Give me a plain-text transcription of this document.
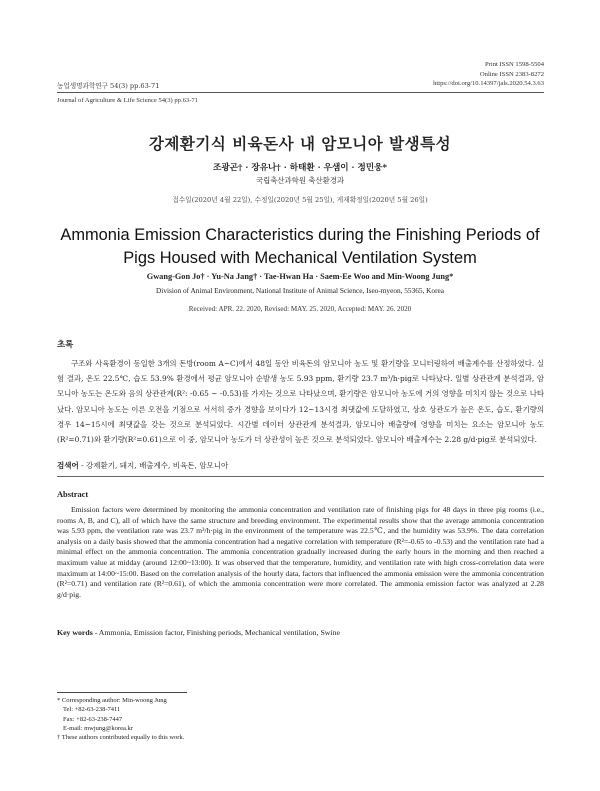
Print ISSN 1598-5504
Online ISSN 2383-8272
https://doi.org/10.14397/jals.2020.54.3.63
농업생명과학연구 54(3) pp.63-71
Journal of Agriculture & Life Science 54(3) pp.63-71
강제환기식 비육돈사 내 암모니아 발생특성
조광곤† · 장유나† · 하태환 · 우샘이 · 정민웅*
국립축산과학원 축산환경과
접수일(2020년 4월 22일), 수정일(2020년 5월 25일), 게재확정일(2020년 5월 26일)
Ammonia Emission Characteristics during the Finishing Periods of
Pigs Housed with Mechanical Ventilation System
Gwang-Gon Jo† · Yu-Na Jang† · Tae-Hwan Ha · Saem-Ee Woo and Min-Woong Jung*
Division of Animal Environment, National Institute of Animal Science, Iseo-myeon, 55365, Korea
Received: APR. 22. 2020, Revised: MAY. 25. 2020, Accepted: MAY. 26. 2020
초록
구조와 사육환경이 동일한 3개의 돈방(room A~C)에서 48일 동안 비육돈의 암모니아 농도 및 환기량을 모니터링하여 배출계수를 산정하였다. 실험 결과, 온도 22.5℃, 습도 53.9% 환경에서 평균 암모니아 순발생 농도 5.93 ppm, 환기량 23.7 m³/h·pig로 나타났다. 일별 상관관계 분석결과, 암모니아 농도는 온도와 음의 상관관계(R²: -0.65 ~ -0.53)를 가지는 것으로 나타났으며, 환기량은 암모니아 농도에 거의 영향을 미치지 않는 것으로 나타났다. 암모니아 농도는 이른 오전을 기점으로 서서히 증가 경향을 보이다가 12~13시경 최댓값에 도달하였고, 상호 상관도가 높은 온도, 습도, 환기량의 경우 14~15시에 최댓값을 갖는 것으로 분석되었다. 시간별 데이터 상관관계 분석결과, 암모니아 배출량에 영향을 미치는 요소는 암모니아 농도(R²=0.71)와 환기량(R²=0.61)으로 이 중, 암모니아 농도가 더 상관성이 높은 것으로 분석되었다. 암모니아 배출계수는 2.28 g/d·pig로 분석되었다.
검색어 - 강제환기, 돼지, 배출계수, 비육돈, 암모니아
Abstract
Emission factors were determined by monitoring the ammonia concentration and ventilation rate of finishing pigs for 48 days in three pig rooms (i.e., rooms A, B, and C), all of which have the same structure and breeding environment. The experimental results show that the average ammonia concentration was 5.93 ppm, the ventilation rate was 23.7 m³/h·pig in the environment of the temperature was 22.5℃, and the humidity was 53.9%. The data correlation analysis on a daily basis showed that the ammonia concentration had a negative correlation with temperature (R²=-0.65 to -0.53) and the ventilation rate had a minimal effect on the ammonia concentration. The ammonia concentration gradually increased during the early hours in the morning and then reached a maximum value at midday (around 12:00~13:00). It was observed that the temperature, humidity, and ventilation rate with high cross-correlation data were maximum at 14:00~15:00. Based on the correlation analysis of the hourly data, factors that influenced the ammonia emission were the ammonia concentration (R²=0.71) and ventilation rate (R²=0.61), of which the ammonia concentration were more correlated. The ammonia emission factor was analyzed at 2.28 g/d·pig.
Key words - Ammonia, Emission factor, Finishing periods, Mechanical ventilation, Swine
* Corresponding author: Min-woong Jung
Tel: +82-63-238-7411
Fax: +82-63-238-7447
E-mail: mwjung@korea.kr
† These authors contributed equally to this work.
